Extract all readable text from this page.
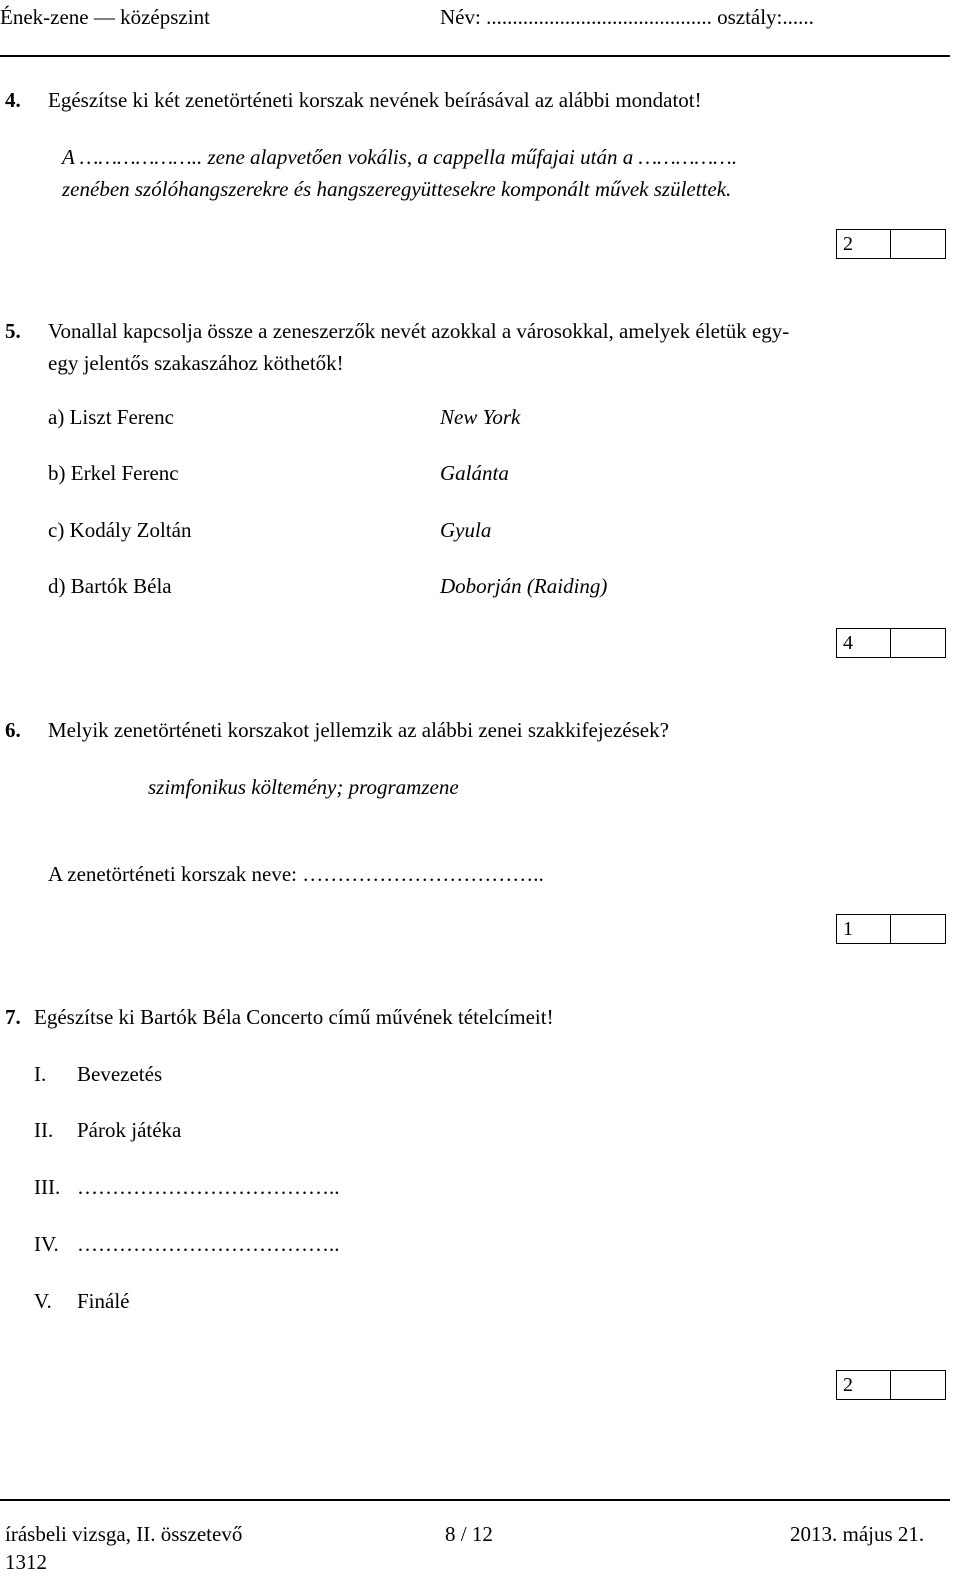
Ének-zene — középszint	Név: ........................................... osztály:......
4. Egészítse ki két zenetörténeti korszak nevének beírásával az alábbi mondatot!
A ……………….. zene alapvetően vokális, a cappella műfajai után a …………….
zenében szólóhangszerekre és hangszeregyüttesekre komponált művek születtek.
2
5. Vonallal kapcsolja össze a zeneszerzők nevét azokkal a városokkal, amelyek életük egy-
egy jelentős szakaszához köthetők!
a) Liszt Ferenc
b) Erkel Ferenc
c) Kodály Zoltán
d) Bartók Béla
New York
Galánta
Gyula
Doborján (Raiding)
4
6. Melyik zenetörténeti korszakot jellemzik az alábbi zenei szakkifejezések?
szimfonikus költemény; programzene
A zenetörténeti korszak neve: ……………………………..
1
7. Egészítse ki Bartók Béla Concerto című művének tételcímeit!
I. Bevezetés
II. Párok játéka
III. ………………………………..
IV. ………………………………..
V. Finálé
2
írásbeli vizsga, II. összetevő
1312
8 / 12	2013. május 21.
